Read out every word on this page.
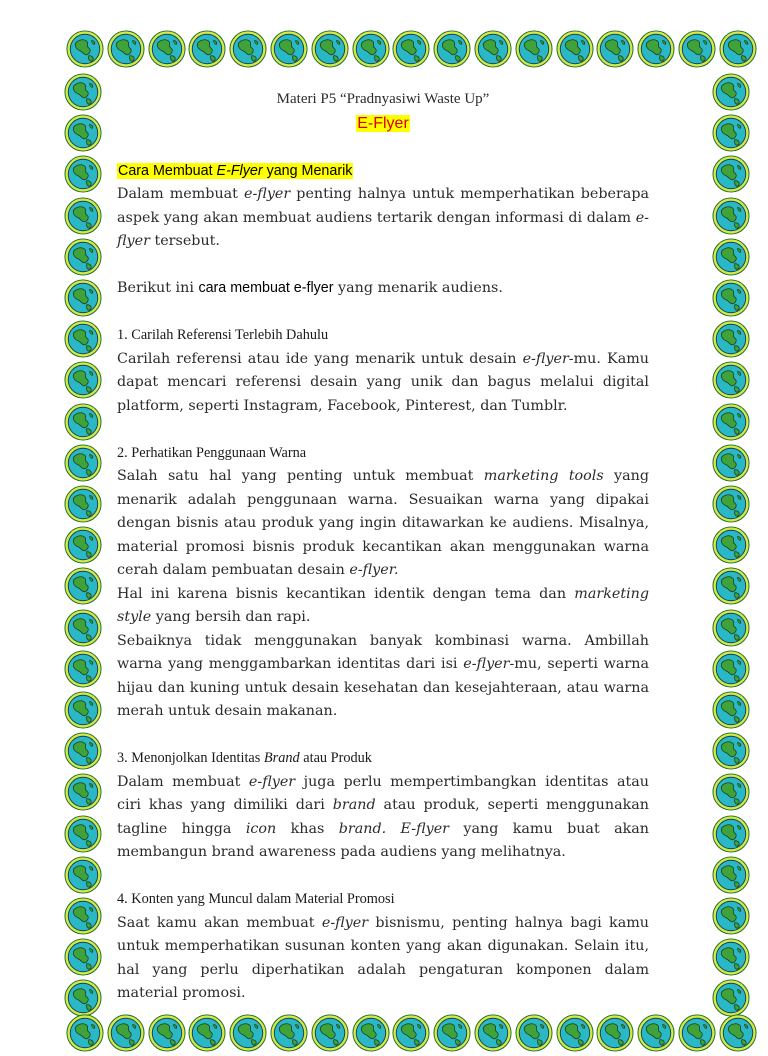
Materi P5 “Pradnyasiwi Waste Up”
E-Flyer
Cara Membuat E-Flyer yang Menarik

Dalam membuat e-flyer penting halnya untuk memperhatikan beberapa aspek yang akan membuat audiens tertarik dengan informasi di dalam e-flyer tersebut.

Berikut ini cara membuat e-flyer yang menarik audiens.

1. Carilah Referensi Terlebih Dahulu

Carilah referensi atau ide yang menarik untuk desain e-flyer-mu. Kamu dapat mencari referensi desain yang unik dan bagus melalui digital platform, seperti Instagram, Facebook, Pinterest, dan Tumblr.

2. Perhatikan Penggunaan Warna

Salah satu hal yang penting untuk membuat marketing tools yang menarik adalah penggunaan warna. Sesuaikan warna yang dipakai dengan bisnis atau produk yang ingin ditawarkan ke audiens. Misalnya, material promosi bisnis produk kecantikan akan menggunakan warna cerah dalam pembuatan desain e-flyer.

Hal ini karena bisnis kecantikan identik dengan tema dan marketing style yang bersih dan rapi.

Sebaiknya tidak menggunakan banyak kombinasi warna. Ambillah warna yang menggambarkan identitas dari isi e-flyer-mu, seperti warna hijau dan kuning untuk desain kesehatan dan kesejahteraan, atau warna merah untuk desain makanan.

3. Menonjolkan Identitas Brand atau Produk

Dalam membuat e-flyer juga perlu mempertimbangkan identitas atau ciri khas yang dimiliki dari brand atau produk, seperti menggunakan tagline hingga icon khas brand. E-flyer yang kamu buat akan membangun brand awareness pada audiens yang melihatnya.

4. Konten yang Muncul dalam Material Promosi

Saat kamu akan membuat e-flyer bisnismu, penting halnya bagi kamu untuk memperhatikan susunan konten yang akan digunakan. Selain itu, hal yang perlu diperhatikan adalah pengaturan komponen dalam material promosi.
